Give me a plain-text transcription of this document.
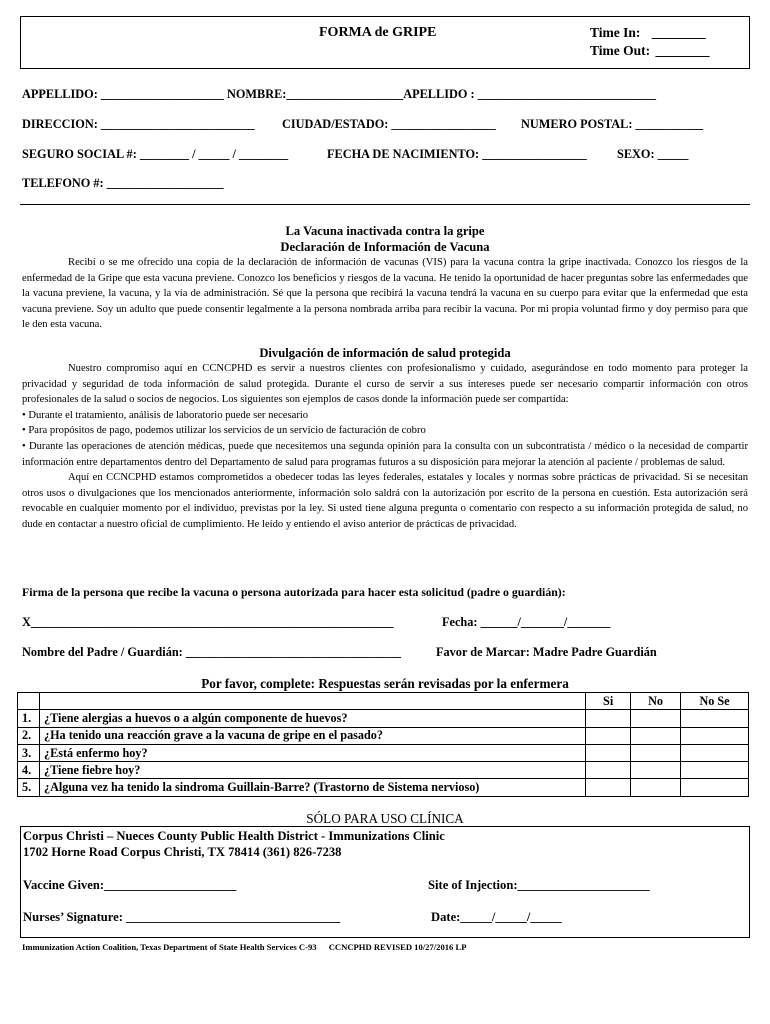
FORMA de GRIPE	Time In: ________
Time Out: ________
APPELLIDO: ____________________ NOMBRE:___________________APELLIDO : _____________________________
DIRECCION: _________________________ CIUDAD/ESTADO: _________________ NUMERO POSTAL: ___________
SEGURO SOCIAL #: ________ / _____ / ________	FECHA DE NACIMIENTO: _________________ SEXO: _____
TELEFONO #: ___________________
La Vacuna inactivada contra la gripe
Declaración de Información de Vacuna

Recibí o se me ofrecido una copia de la declaración de información de vacunas (VIS) para la vacuna contra la gripe inactivada. Conozco los riesgos de la enfermedad de la Gripe que esta vacuna previene. Conozco los beneficios y riesgos de la vacuna. He tenido la oportunidad de hacer preguntas sobre las enfermedades que la vacuna previene, la vacuna, y la vía de administración. Sé que la persona que recibirá la vacuna tendrá la vacuna en su cuerpo para evitar que la enfermedad que esta vacuna previene. Soy un adulto que puede consentir legalmente a la persona nombrada arriba para recibir la vacuna. Por mi propia voluntad firmo y doy permiso para que le den esta vacuna.

Divulgación de información de salud protegida

Nuestro compromiso aquí en CCNCPHD es servir a nuestros clientes con profesionalismo y cuidado, asegurándose en todo momento para proteger la privacidad y seguridad de toda información de salud protegida. Durante el curso de servir a sus intereses puede ser necesario compartir información con otros profesionales de la salud o socios de negocios. Los siguientes son ejemplos de casos donde la información puede ser compartida:

• Durante el tratamiento, análisis de laboratorio puede ser necesario

• Para propósitos de pago, podemos utilizar los servicios de un servicio de facturación de cobro

• Durante las operaciones de atención médicas, puede que necesitemos una segunda opinión para la consulta con un subcontratista / médico o la necesidad de compartir información entre departamentos dentro del Departamento de salud para programas futuros a su disposición para mejorar la atención al paciente / problemas de salud.

Aquí en CCNCPHD estamos comprometidos a obedecer todas las leyes federales, estatales y locales y normas sobre prácticas de privacidad. Si se necesitan otros usos o divulgaciones que los mencionados anteriormente, información solo saldrá con la autorización por escrito de la persona en cuestión. Esta autorización será revocable en cualquier momento por el individuo, previstas por la ley. Si usted tiene alguna pregunta o comentario con respecto a su información protegida de salud, no dude en contactar a nuestro oficial de cumplimiento. He leído y entiendo el aviso anterior de prácticas de privacidad.

Firma de la persona que recibe la vacuna o persona autorizada para hacer esta solicitud (padre o guardián):
X___________________________________________________________	Fecha: ______/_______/_______
Nombre del Padre / Guardián: ___________________________________	Favor de Marcar: Madre Padre Guardián
Por favor, complete: Respuestas serán revisadas por la enfermera
		Si	No	No Se
1.	¿Tiene alergias a huevos o a algún componente de huevos?			
2.	¿Ha tenido una reacción grave a la vacuna de gripe en el pasado?			
3.	¿Está enfermo hoy?			
4.	¿Tiene fiebre hoy?			
5.	¿Alguna vez ha tenido la sindroma Guillain-Barre? (Trastorno de Sistema nervioso)			
SÓLO PARA USO CLÍNICA
Corpus Christi – Nueces County Public Health District - Immunizations Clinic
1702 Horne Road Corpus Christi, TX 78414 (361) 826-7238
Vaccine Given:_____________________	Site of Injection:_____________________
Nurses’ Signature: __________________________________	Date:_____/_____/_____
Immunization Action Coalition, Texas Department of State Health Services C-93 CCNCPHD REVISED 10/27/2016 LP
